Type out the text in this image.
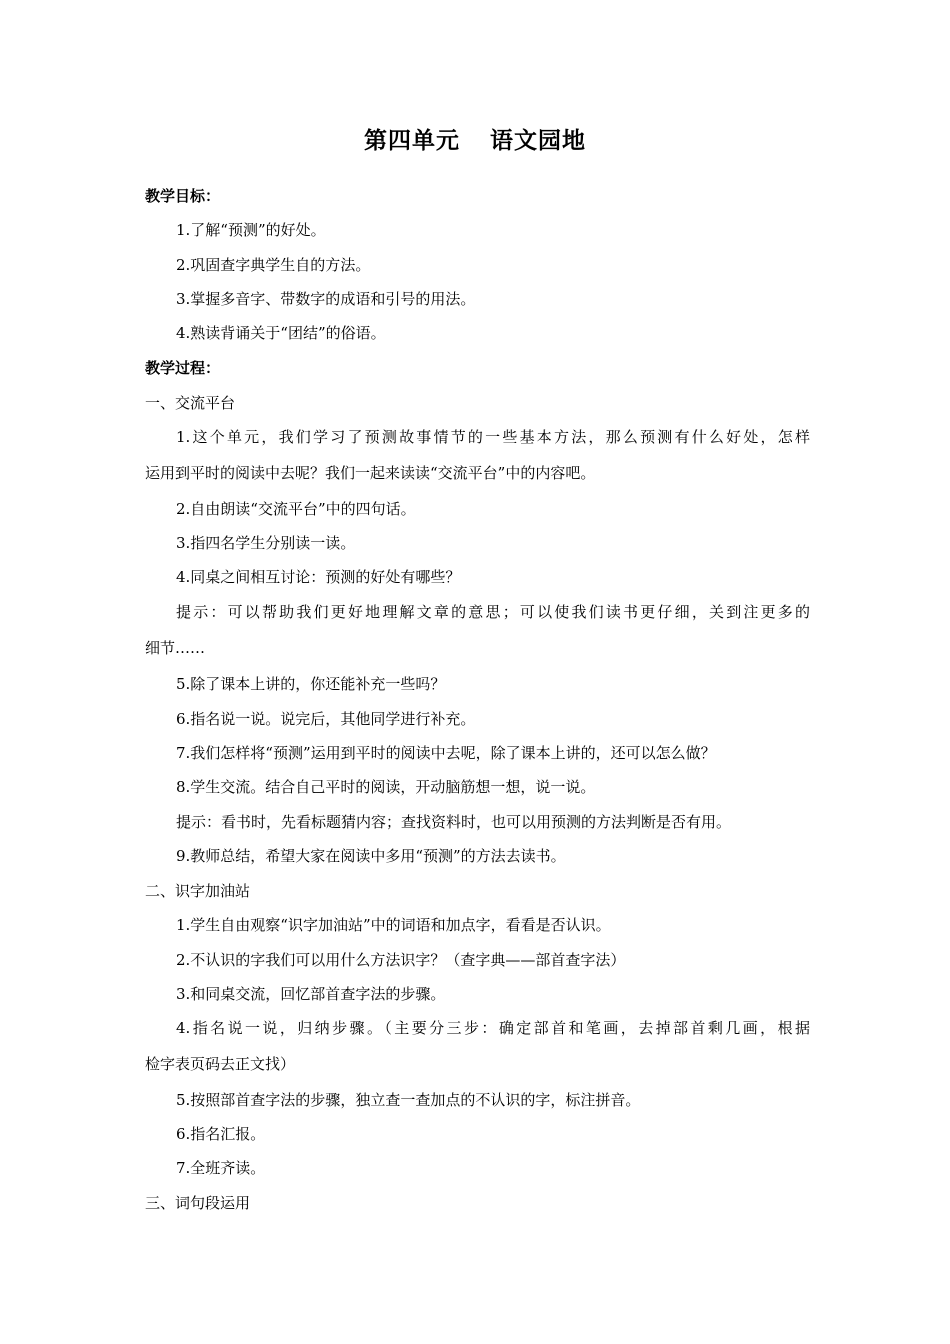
第四单元 语文园地
教学目标：
1.了解“预测”的好处。
2.巩固查字典学生自的方法。
3.掌握多音字、带数字的成语和引号的用法。
4.熟读背诵关于“团结”的俗语。
教学过程：
一、交流平台
1.这个单元，我们学习了预测故事情节的一些基本方法，那么预测有什么好处，怎样
运用到平时的阅读中去呢？我们一起来读读“交流平台”中的内容吧。
2.自由朗读“交流平台”中的四句话。
3.指四名学生分别读一读。
4.同桌之间相互讨论：预测的好处有哪些？
提示：可以帮助我们更好地理解文章的意思；可以使我们读书更仔细，关到注更多的
细节……
5.除了课本上讲的，你还能补充一些吗？
6.指名说一说。说完后，其他同学进行补充。
7.我们怎样将“预测”运用到平时的阅读中去呢，除了课本上讲的，还可以怎么做？
8.学生交流。结合自己平时的阅读，开动脑筋想一想，说一说。
提示：看书时，先看标题猜内容；查找资料时，也可以用预测的方法判断是否有用。
9.教师总结，希望大家在阅读中多用“预测”的方法去读书。
二、识字加油站
1.学生自由观察“识字加油站”中的词语和加点字，看看是否认识。
2.不认识的字我们可以用什么方法识字？（查字典——部首查字法）
3.和同桌交流，回忆部首查字法的步骤。
4.指名说一说，归纳步骤。（主要分三步：确定部首和笔画，去掉部首剩几画，根据
检字表页码去正文找）
5.按照部首查字法的步骤，独立查一查加点的不认识的字，标注拼音。
6.指名汇报。
7.全班齐读。
三、词句段运用
